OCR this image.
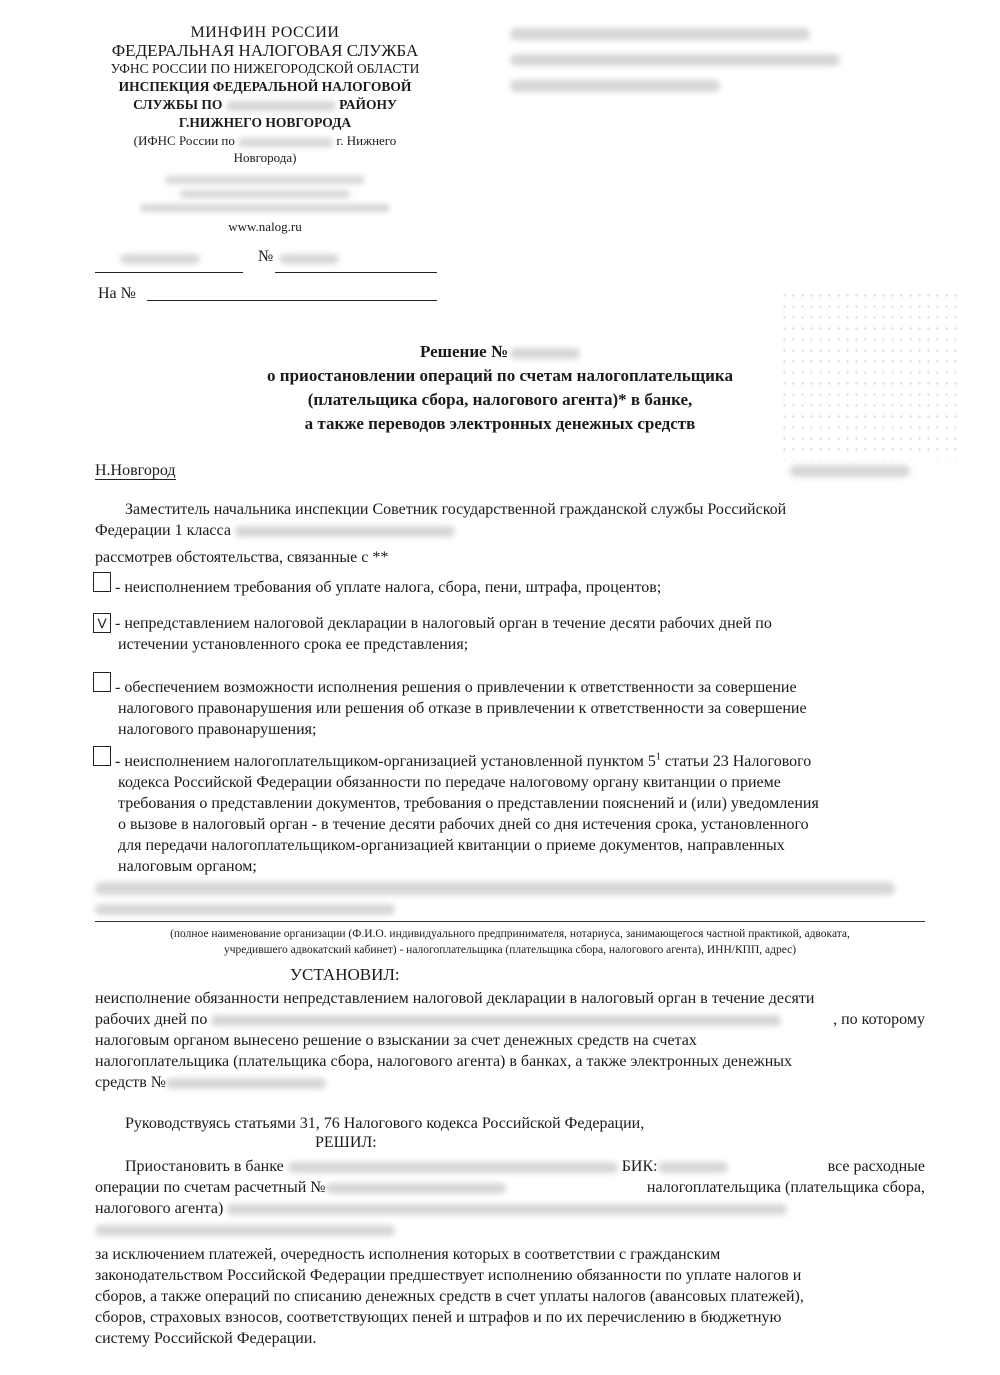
МИНФИН РОССИИ
ФЕДЕРАЛЬНАЯ НАЛОГОВАЯ СЛУЖБА
УФНС РОССИИ ПО НИЖЕГОРОДСКОЙ ОБЛАСТИ
ИНСПЕКЦИЯ ФЕДЕРАЛЬНОЙ НАЛОГОВОЙ
СЛУЖБЫ ПО	РАЙОНУ
Г.НИЖНЕГО НОВГОРОДА
(ИФНС России по	г. Нижнего
Новгорода)
www.nalog.ru
№
На №
Решение №
о приостановлении операций по счетам налогоплательщика
(плательщика сбора, налогового агента)* в банке,
а также переводов электронных денежных средств
Н.Новгород
Заместитель начальника инспекции Советник государственной гражданской службы Российской
Федерации 1 класса
рассмотрев обстоятельства, связанные с **
- неисполнением требования об уплате налога, сбора, пени, штрафа, процентов;
V - непредставлением налоговой декларации в налоговый орган в течение десяти рабочих дней по
истечении установленного срока ее представления;
- обеспечением возможности исполнения решения о привлечении к ответственности за совершение
налогового правонарушения или решения об отказе в привлечении к ответственности за совершение
налогового правонарушения;
- неисполнением налогоплательщиком-организацией установленной пунктом $5^1$ статьи 23 Налогового
кодекса Российской Федерации обязанности по передаче налоговому органу квитанции о приеме
требования о представлении документов, требования о представлении пояснений и (или) уведомления
о вызове в налоговый орган - в течение десяти рабочих дней со дня истечения срока, установленного
для передачи налогоплательщиком-организацией квитанции о приеме документов, направленных
налоговым органом;
(полное наименование организации (Ф.И.О. индивидуального предпринимателя, нотариуса, занимающегося частной практикой, адвоката,
учредившего адвокатский кабинет) - налогоплательщика (плательщика сбора, налогового агента), ИНН/КПП, адрес)
УСТАНОВИЛ:
неисполнение обязанности непредставлением налоговой декларации в налоговый орган в течение десяти
рабочих дней по	, по которому
налоговым органом вынесено решение о взыскании за счет денежных средств на счетах
налогоплательщика (плательщика сбора, налогового агента) в банках, а также электронных денежных
средств №
Руководствуясь статьями 31, 76 Налогового кодекса Российской Федерации,
РЕШИЛ:
Приостановить в банке	БИК:	все расходные
операции по счетам расчетный №	налогоплательщика (плательщика сбора,
налогового агента)
за исключением платежей, очередность исполнения которых в соответствии с гражданским
законодательством Российской Федерации предшествует исполнению обязанности по уплате налогов и
сборов, а также операций по списанию денежных средств в счет уплаты налогов (авансовых платежей),
сборов, страховых взносов, соответствующих пеней и штрафов и по их перечислению в бюджетную
систему Российской Федерации.
